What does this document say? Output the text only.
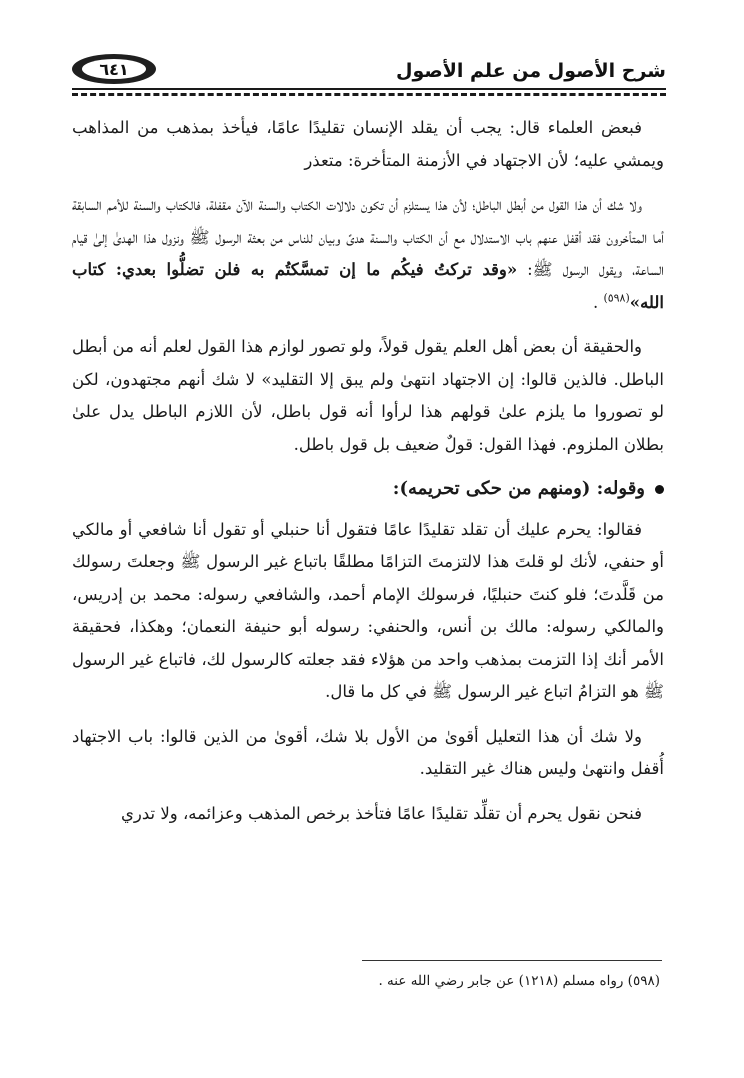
شرح الأصول من علم الأصول
٦٤١

فبعض العلماء قال: يجب أن يقلد الإنسان تقليدًا عامًا، فيأخذ بمذهب من المذاهب ويمشي عليه؛ لأن الاجتهاد في الأزمنة المتأخرة: متعذر

ولا شك أن هذا القول من أبطل الباطل؛ لأن هذا يستلزم أن تكون دلالات الكتاب والسنة الآن مقفلة، فالكتاب والسنة للأمم السابقة أما المتأخرون فقد أقفل عنهم باب الاستدلال مع أن الكتاب والسنة هدىً وبيان للناس من بعثة الرسول ﷺ ونزول هذا الهدىٰ إلىٰ قيام الساعة، ويقول الرسول ﷺ: «وقد تركتُ فيكُم ما إن تمسَّكتُم به فلن تضلُّوا بعدي: كتاب الله»$^{(٥٩٨)}$ .

والحقيقة أن بعض أهل العلم يقول قولاً، ولو تصور لوازم هذا القول لعلم أنه من أبطل الباطل. فالذين قالوا: إن الاجتهاد انتهىٰ ولم يبق إلا التقليد» لا شك أنهم مجتهدون، لكن لو تصوروا ما يلزم علىٰ قولهم هذا لرأوا أنه قول باطل، لأن اللازم الباطل يدل علىٰ بطلان الملزوم. فهذا القول: قولٌ ضعيف بل قول باطل.

وقوله: (ومنهم من حكى تحريمه):

فقالوا: يحرم عليك أن تقلد تقليدًا عامًا فتقول أنا حنبلي أو تقول أنا شافعي أو مالكي أو حنفي، لأنك لو قلتَ هذا لالتزمتَ التزامًا مطلقًا باتباع غير الرسول ﷺ وجعلتَ رسولك من قَلَّدتَ؛ فلو كنتَ حنبليًا، فرسولك الإمام أحمد، والشافعي رسوله: محمد بن إدريس، والمالكي رسوله: مالك بن أنس، والحنفي: رسوله أبو حنيفة النعمان؛ وهكذا، فحقيقة الأمر أنك إذا التزمت بمذهب واحد من هؤلاء فقد جعلته كالرسول لك، فاتباع غير الرسول ﷺ هو التزامُ اتباع غير الرسول ﷺ في كل ما قال.

ولا شك أن هذا التعليل أقوىٰ من الأول بلا شك، أقوىٰ من الذين قالوا: باب الاجتهاد أُقفل وانتهىٰ وليس هناك غير التقليد.

فنحن نقول يحرم أن تقلِّد تقليدًا عامًا فتأخذ برخص المذهب وعزائمه، ولا تدري

(٥٩٨) رواه مسلم (١٢١٨) عن جابر رضي الله عنه .
